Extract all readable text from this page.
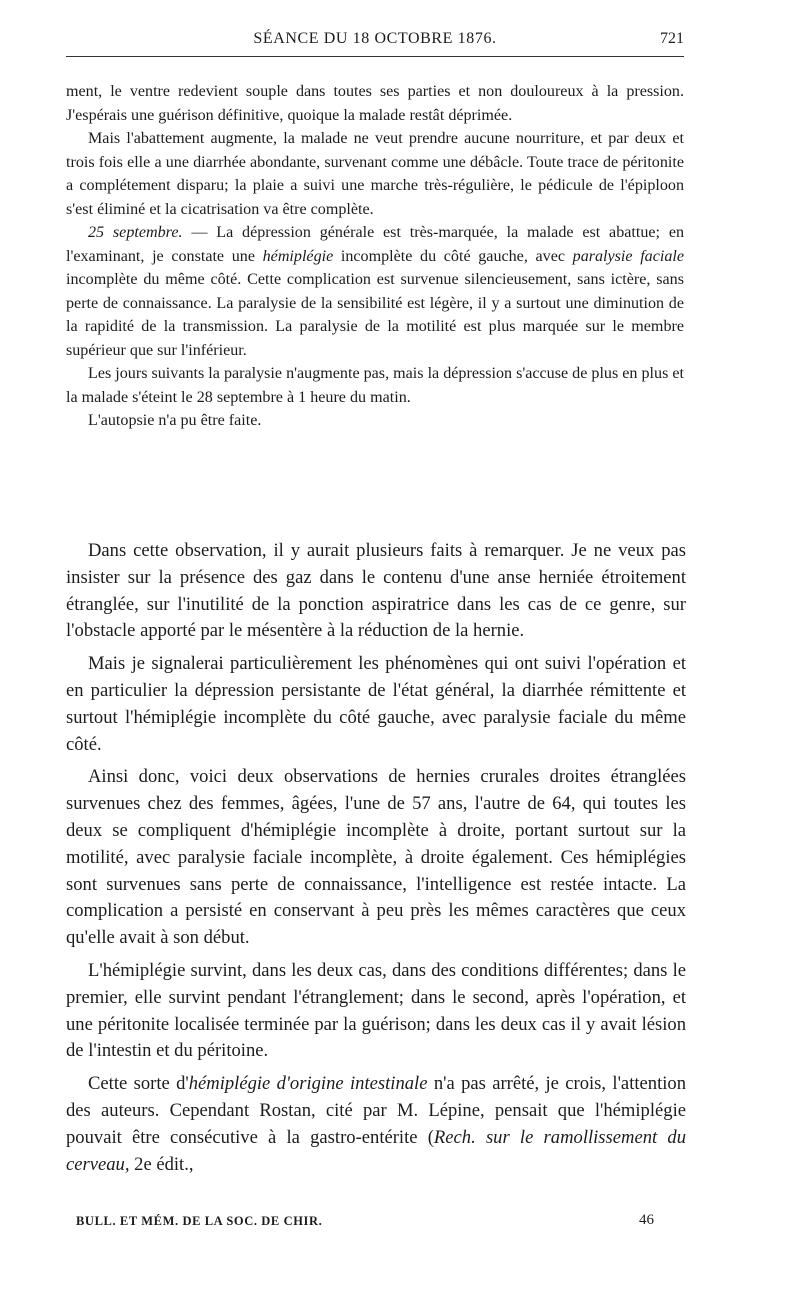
SÉANCE DU 18 OCTOBRE 1876.	721

ment, le ventre redevient souple dans toutes ses parties et non douloureux à la pression. J'espérais une guérison définitive, quoique la malade restât déprimée.

Mais l'abattement augmente, la malade ne veut prendre aucune nourriture, et par deux et trois fois elle a une diarrhée abondante, survenant comme une débâcle. Toute trace de péritonite a complétement disparu; la plaie a suivi une marche très-régulière, le pédicule de l'épiploon s'est éliminé et la cicatrisation va être complète.

25 septembre. — La dépression générale est très-marquée, la malade est abattue; en l'examinant, je constate une hémiplégie incomplète du côté gauche, avec paralysie faciale incomplète du même côté. Cette complication est survenue silencieusement, sans ictère, sans perte de connaissance. La paralysie de la sensibilité est légère, il y a surtout une diminution de la rapidité de la transmission. La paralysie de la motilité est plus marquée sur le membre supérieur que sur l'inférieur.

Les jours suivants la paralysie n'augmente pas, mais la dépression s'accuse de plus en plus et la malade s'éteint le 28 septembre à 1 heure du matin.

L'autopsie n'a pu être faite.

Dans cette observation, il y aurait plusieurs faits à remarquer. Je ne veux pas insister sur la présence des gaz dans le contenu d'une anse herniée étroitement étranglée, sur l'inutilité de la ponction aspiratrice dans les cas de ce genre, sur l'obstacle apporté par le mésentère à la réduction de la hernie.

Mais je signalerai particulièrement les phénomènes qui ont suivi l'opération et en particulier la dépression persistante de l'état général, la diarrhée rémittente et surtout l'hémiplégie incomplète du côté gauche, avec paralysie faciale du même côté.

Ainsi donc, voici deux observations de hernies crurales droites étranglées survenues chez des femmes, âgées, l'une de 57 ans, l'autre de 64, qui toutes les deux se compliquent d'hémiplégie incomplète à droite, portant surtout sur la motilité, avec paralysie faciale incomplète, à droite également. Ces hémiplégies sont survenues sans perte de connaissance, l'intelligence est restée intacte. La complication a persisté en conservant à peu près les mêmes caractères que ceux qu'elle avait à son début.

L'hémiplégie survint, dans les deux cas, dans des conditions différentes; dans le premier, elle survint pendant l'étranglement; dans le second, après l'opération, et une péritonite localisée terminée par la guérison; dans les deux cas il y avait lésion de l'intestin et du péritoine.

Cette sorte d'hémiplégie d'origine intestinale n'a pas arrêté, je crois, l'attention des auteurs. Cependant Rostan, cité par M. Lépine, pensait que l'hémiplégie pouvait être consécutive à la gastro-entérite (Rech. sur le ramollissement du cerveau, 2e édit.,

BULL. ET MÉM. DE LA SOC. DE CHIR.	46
